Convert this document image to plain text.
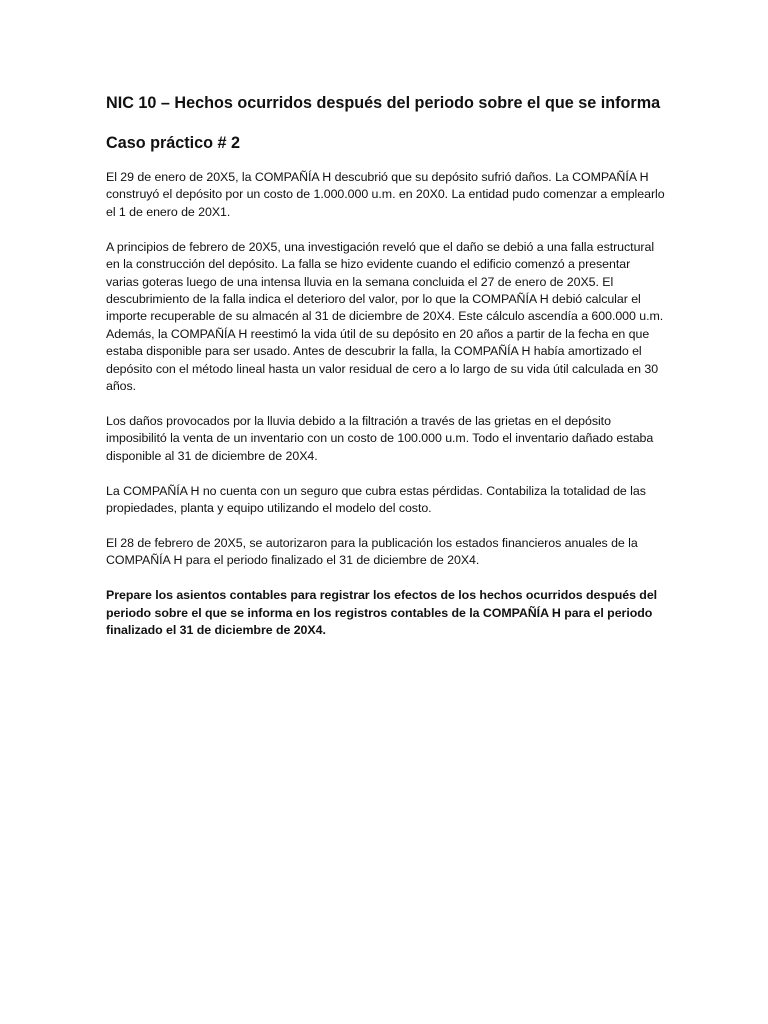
NIC 10 – Hechos ocurridos después del periodo sobre el que se informa
Caso práctico # 2

El 29 de enero de 20X5, la COMPAÑÍA H descubrió que su depósito sufrió daños. La COMPAÑÍA H construyó el depósito por un costo de 1.000.000 u.m. en 20X0. La entidad pudo comenzar a emplearlo el 1 de enero de 20X1.

A principios de febrero de 20X5, una investigación reveló que el daño se debió a una falla estructural en la construcción del depósito. La falla se hizo evidente cuando el edificio comenzó a presentar varias goteras luego de una intensa lluvia en la semana concluida el 27 de enero de 20X5. El descubrimiento de la falla indica el deterioro del valor, por lo que la COMPAÑÍA H debió calcular el importe recuperable de su almacén al 31 de diciembre de 20X4. Este cálculo ascendía a 600.000 u.m. Además, la COMPAÑÍA H reestimó la vida útil de su depósito en 20 años a partir de la fecha en que estaba disponible para ser usado. Antes de descubrir la falla, la COMPAÑÍA H había amortizado el depósito con el método lineal hasta un valor residual de cero a lo largo de su vida útil calculada en 30 años.

Los daños provocados por la lluvia debido a la filtración a través de las grietas en el depósito imposibilitó la venta de un inventario con un costo de 100.000 u.m. Todo el inventario dañado estaba disponible al 31 de diciembre de 20X4.

La COMPAÑÍA H no cuenta con un seguro que cubra estas pérdidas. Contabiliza la totalidad de las propiedades, planta y equipo utilizando el modelo del costo.

El 28 de febrero de 20X5, se autorizaron para la publicación los estados financieros anuales de la COMPAÑÍA H para el periodo finalizado el 31 de diciembre de 20X4.

Prepare los asientos contables para registrar los efectos de los hechos ocurridos después del periodo sobre el que se informa en los registros contables de la COMPAÑÍA H para el periodo finalizado el 31 de diciembre de 20X4.
